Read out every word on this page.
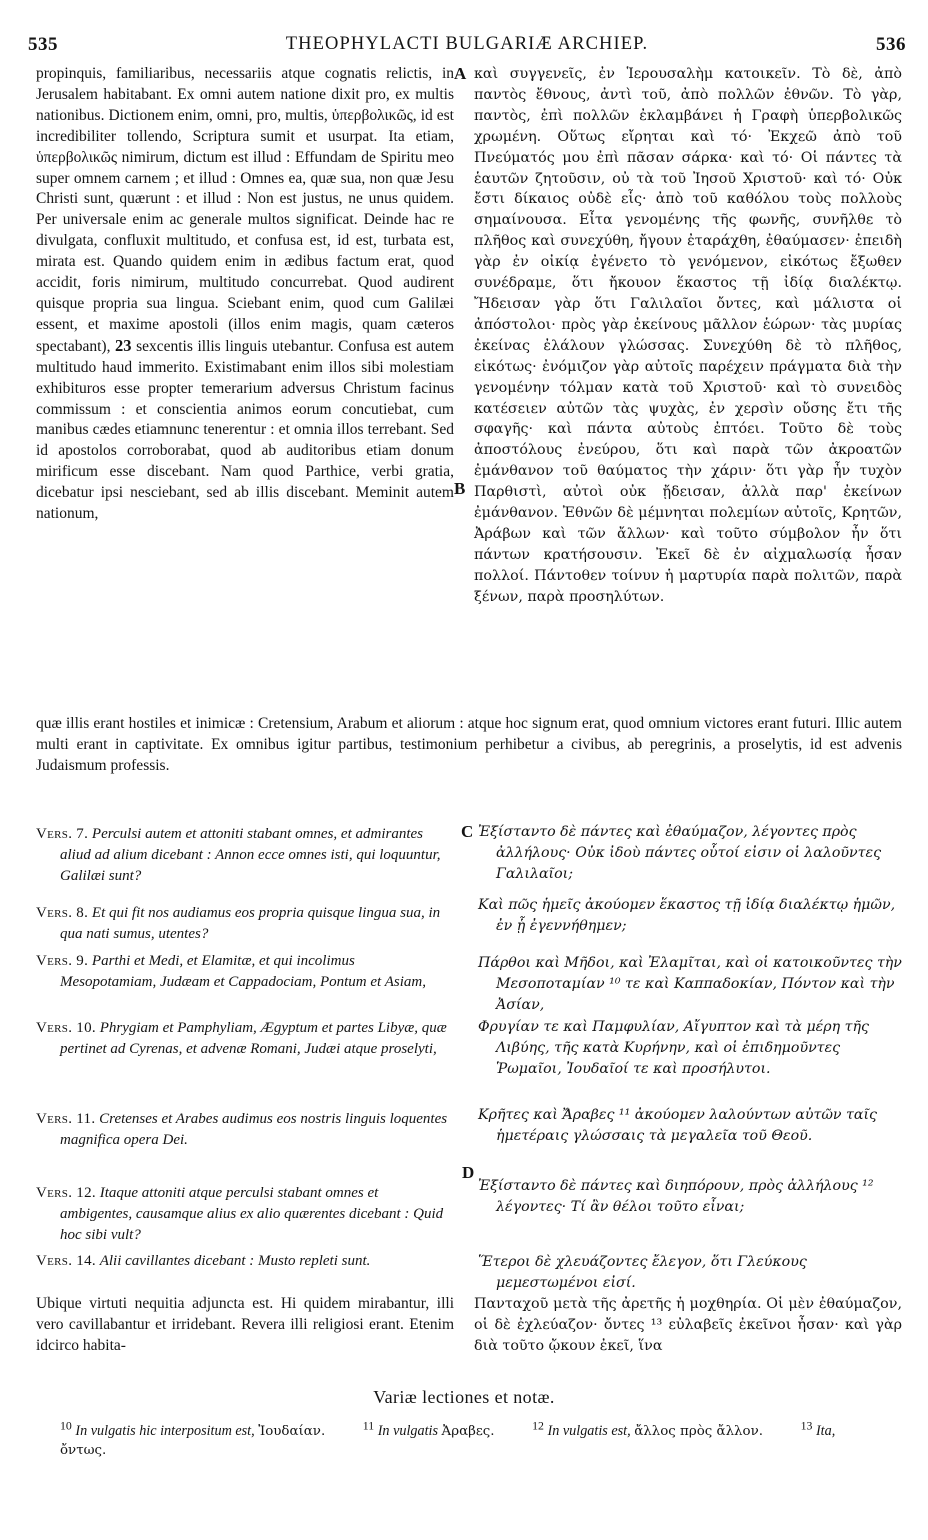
535	THEOPHYLACTI BULGARIÆ ARCHIEP.	536
A
B
C
D

propinquis, familiaribus, necessariis atque cognatis relictis, in Jerusalem habitabant. Ex omni autem natione dixit pro, ex multis nationibus. Dictionem enim, omni, pro, multis, ὑπερβολικῶς, id est incredibiliter tollendo, Scriptura sumit et usurpat. Ita etiam, ὑπερβολικῶς nimirum, dictum est illud : Effundam de Spiritu meo super omnem carnem ; et illud : Omnes ea, quæ sua, non quæ Jesu Christi sunt, quærunt : et illud : Non est justus, ne unus quidem. Per universale enim ac generale multos significat. Deinde hac re divulgata, confluxit multitudo, et confusa est, id est, turbata est, mirata est. Quando quidem enim in ædibus factum erat, quod accidit, foris nimirum, multitudo concurrebat. Quod audirent quisque propria sua lingua. Sciebant enim, quod cum Galilæi essent, et maxime apostoli (illos enim magis, quam cæteros spectabant), 23 sexcentis illis linguis utebantur. Confusa est autem multitudo haud immerito. Existimabant enim illos sibi molestiam exhibituros esse propter temerarium adversus Christum facinus commissum : et conscientia animos eorum concutiebat, cum manibus cædes etiamnunc tenerentur : et omnia illos terrebant. Sed id apostolos corroborabat, quod ab auditoribus etiam donum mirificum esse discebant. Nam quod Parthice, verbi gratia, dicebatur ipsi nesciebant, sed ab illis discebant. Meminit autem nationum,

καὶ συγγενεῖς, ἐν Ἱερουσαλὴμ κατοικεῖν. Τὸ δὲ, ἀπὸ παντὸς ἔθνους, ἀντὶ τοῦ, ἀπὸ πολλῶν ἐθνῶν. Τὸ γὰρ, παντὸς, ἐπὶ πολλῶν ἐκλαμβάνει ἡ Γραφὴ ὑπερβολικῶς χρωμένη. Οὕτως εἴρηται καὶ τό· Ἐκχεῶ ἀπὸ τοῦ Πνεύματός μου ἐπὶ πᾶσαν σάρκα· καὶ τό· Οἱ πάντες τὰ ἑαυτῶν ζητοῦσιν, οὐ τὰ τοῦ Ἰησοῦ Χριστοῦ· καὶ τό· Οὐκ ἔστι δίκαιος οὐδὲ εἷς· ἀπὸ τοῦ καθόλου τοὺς πολλοὺς σημαίνουσα. Εἶτα γενομένης τῆς φωνῆς, συνῆλθε τὸ πλῆθος καὶ συνεχύθη, ἤγουν ἐταράχθη, ἐθαύμασεν· ἐπειδὴ γὰρ ἐν οἰκίᾳ ἐγένετο τὸ γενόμενον, εἰκότως ἔξωθεν συνέδραμε, ὅτι ἤκουον ἕκαστος τῇ ἰδίᾳ διαλέκτῳ. Ἤδεισαν γὰρ ὅτι Γαλιλαῖοι ὄντες, καὶ μάλιστα οἱ ἀπόστολοι· πρὸς γὰρ ἐκείνους μᾶλλον ἑώρων· τὰς μυρίας ἐκείνας ἐλάλουν γλώσσας. Συνεχύθη δὲ τὸ πλῆθος, εἰκότως· ἐνόμιζον γὰρ αὐτοῖς παρέχειν πράγματα διὰ τὴν γενομένην τόλμαν κατὰ τοῦ Χριστοῦ· καὶ τὸ συνειδὸς κατέσειεν αὐτῶν τὰς ψυχὰς, ἐν χερσὶν οὔσης ἔτι τῆς σφαγῆς· καὶ πάντα αὐτοὺς ἐπτόει. Τοῦτο δὲ τοὺς ἀποστόλους ἐνεύρου, ὅτι καὶ παρὰ τῶν ἀκροατῶν ἐμάνθανον τοῦ θαύματος τὴν χάριν· ὅτι γὰρ ἦν τυχὸν Παρθιστὶ, αὐτοὶ οὐκ ᾔδεισαν, ἀλλὰ παρ' ἐκείνων ἐμάνθανον. Ἐθνῶν δὲ μέμνηται πολεμίων αὐτοῖς, Κρητῶν, Ἀράβων καὶ τῶν ἄλλων· καὶ τοῦτο σύμβολον ἦν ὅτι πάντων κρατήσουσιν. Ἐκεῖ δὲ ἐν αἰχμαλωσίᾳ ἦσαν πολλοί. Πάντοθεν τοίνυν ἡ μαρτυρία παρὰ πολιτῶν, παρὰ ξένων, παρὰ προσηλύτων.

quæ illis erant hostiles et inimicæ : Cretensium, Arabum et aliorum : atque hoc signum erat, quod omnium victores erant futuri. Illic autem multi erant in captivitate. Ex omnibus igitur partibus, testimonium perhibetur a civibus, ab peregrinis, a proselytis, id est advenis Judaismum professis.

Vers. 7. Perculsi autem et attoniti stabant omnes, et admirantes aliud ad alium dicebant : Annon ecce omnes isti, qui loquuntur, Galilæi sunt?
Vers. 8. Et qui fit nos audiamus eos propria quisque lingua sua, in qua nati sumus, utentes?
Vers. 9. Parthi et Medi, et Elamitæ, et qui incolimus Mesopotamiam, Judæam et Cappadociam, Pontum et Asiam,
Vers. 10. Phrygiam et Pamphyliam, Ægyptum et partes Libyæ, quæ pertinet ad Cyrenas, et advenæ Romani, Judæi atque proselyti,
Vers. 11. Cretenses et Arabes audimus eos nostris linguis loquentes magnifica opera Dei.
Vers. 12. Itaque attoniti atque perculsi stabant omnes et ambigentes, causamque alius ex alio quærentes dicebant : Quid hoc sibi vult?
Vers. 14. Alii cavillantes dicebant : Musto repleti sunt.
Ἐξίσταντο δὲ πάντες καὶ ἐθαύμαζον, λέγοντες πρὸς ἀλλήλους· Οὐκ ἰδοὺ πάντες οὗτοί εἰσιν οἱ λαλοῦντες Γαλιλαῖοι;
Καὶ πῶς ἡμεῖς ἀκούομεν ἕκαστος τῇ ἰδίᾳ διαλέκτῳ ἡμῶν, ἐν ᾗ ἐγεννήθημεν;
Πάρθοι καὶ Μῆδοι, καὶ Ἐλαμῖται, καὶ οἱ κατοικοῦντες τὴν Μεσοποταμίαν ¹⁰ τε καὶ Καππαδοκίαν, Πόντον καὶ τὴν Ἀσίαν,
Φρυγίαν τε καὶ Παμφυλίαν, Αἴγυπτον καὶ τὰ μέρη τῆς Λιβύης, τῆς κατὰ Κυρήνην, καὶ οἱ ἐπιδημοῦντες Ῥωμαῖοι, Ἰουδαῖοί τε καὶ προσήλυτοι.
Κρῆτες καὶ Ἄραβες ¹¹ ἀκούομεν λαλούντων αὐτῶν ταῖς ἡμετέραις γλώσσαις τὰ μεγαλεῖα τοῦ Θεοῦ.
Ἐξίσταντο δὲ πάντες καὶ διηπόρουν, πρὸς ἀλλήλους ¹² λέγοντες· Τί ἂν θέλοι τοῦτο εἶναι;
Ἕτεροι δὲ χλευάζοντες ἔλεγον, ὅτι Γλεύκους μεμεστωμένοι εἰσί.
Ubique virtuti nequitia adjuncta est. Hi quidem mirabantur, illi vero cavillabantur et irridebant. Revera illi religiosi erant. Etenim idcirco habita-
Πανταχοῦ μετὰ τῆς ἀρετῆς ἡ μοχθηρία. Οἱ μὲν ἐθαύμαζον, οἱ δὲ ἐχλεύαζον· ὄντες ¹³ εὐλαβεῖς ἐκεῖνοι ἦσαν· καὶ γὰρ διὰ τοῦτο ᾤκουν ἐκεῖ, ἵνα
Variæ lectiones et notæ.
$^{10}$ In vulgatis hic interpositum est, Ἰουδαίαν.	$^{11}$ In vulgatis Ἀραβες.	$^{12}$ In vulgatis est, ἄλλος πρὸς ἄλλον.	$^{13}$ Ita, ὄντως.
